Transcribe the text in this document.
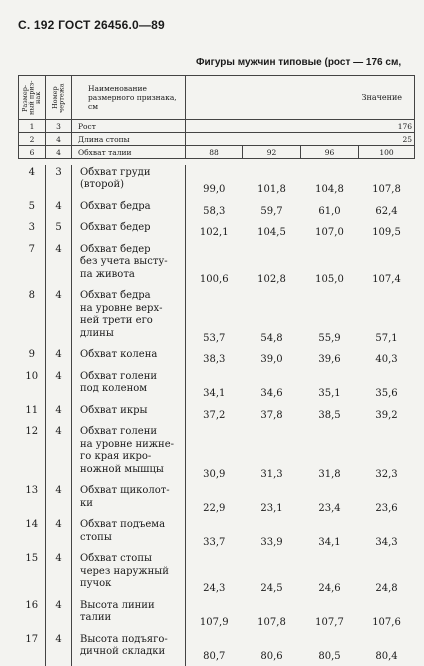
С. 192 ГОСТ 26456.0—89
Фигуры мужчин типовые (рост — 176 см,
Размер-ный приз-нак	Номер чертежа	Наименование размерного признака, см	Значение			
1	3	Рост	176			
2	4	Длина стопы	25			
6	4	Обхват талии	88	92	96	100

4	3	Обхват груди
(второй)	99,0	101,8	104,8	107,8
5	4	Обхват бедра	58,3	59,7	61,0	62,4
3	5	Обхват бедер	102,1	104,5	107,0	109,5
7	4	Обхват бедер
без учета высту-
па живота	100,6	102,8	105,0	107,4
8	4	Обхват бедра
на уровне верх-
ней трети его
длины	53,7	54,8	55,9	57,1
9	4	Обхват колена	38,3	39,0	39,6	40,3
10	4	Обхват голени
под коленом	34,1	34,6	35,1	35,6
11	4	Обхват икры	37,2	37,8	38,5	39,2
12	4	Обхват голени
на уровне нижне-
го края икро-
ножной мышцы	30,9	31,3	31,8	32,3
13	4	Обхват щиколот-
ки	22,9	23,1	23,4	23,6
14	4	Обхват подъема
стопы	33,7	33,9	34,1	34,3
15	4	Обхват стопы
через наружный
пучок	24,3	24,5	24,6	24,8
16	4	Высота линии
талии	107,9	107,8	107,7	107,6
17	4	Высота подъяго-
дичной складки	80,7	80,6	80,5	80,4
